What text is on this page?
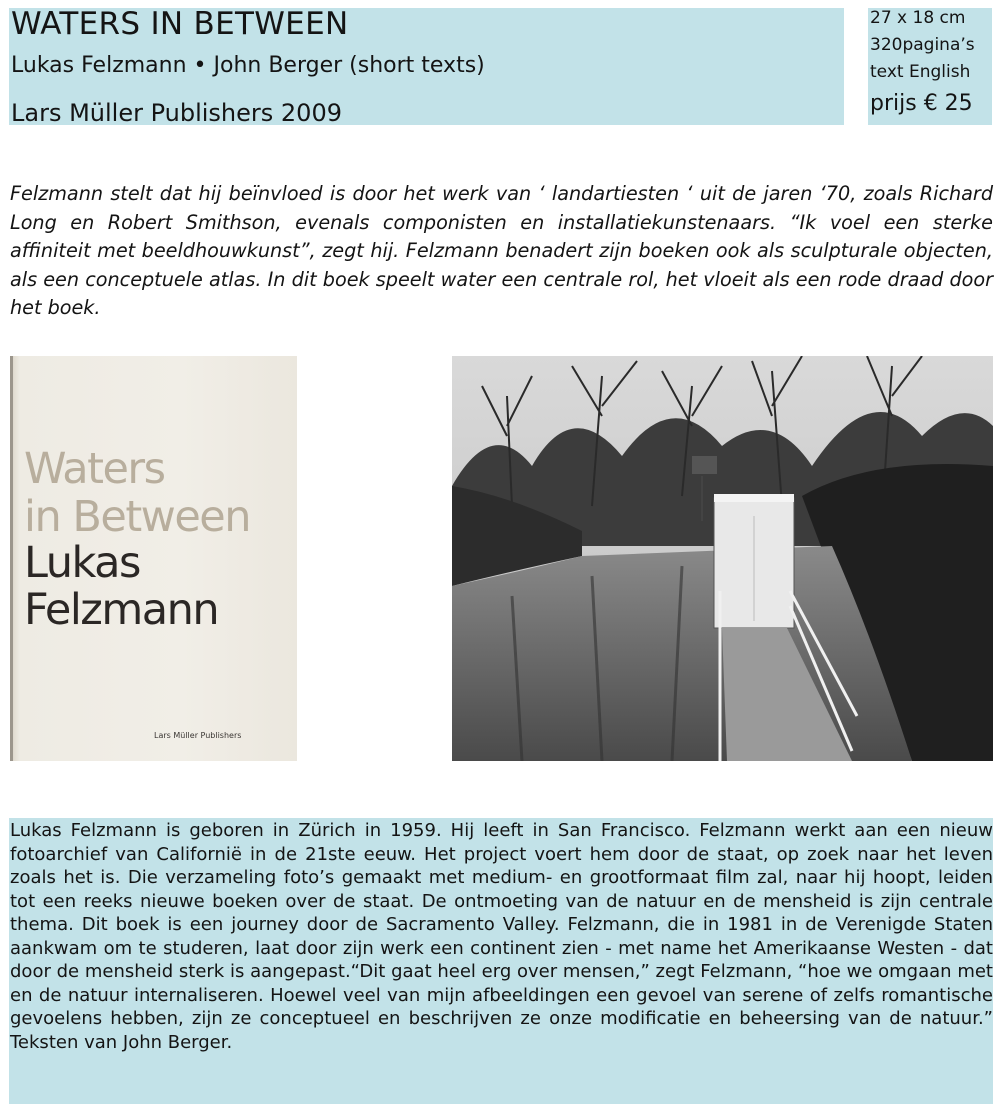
WATERS IN BETWEEN
Lukas Felzmann • John Berger (short texts)
Lars Müller Publishers 2009
27 x 18 cm
320pagina’s
text English
prijs € 25

Felzmann stelt dat hij beïnvloed is door het werk van ‘ landartiesten ‘ uit de jaren ‘70, zoals Richard Long en Robert Smithson, evenals componisten en installatiekunstenaars. “Ik voel een sterke affiniteit met beeldhouwkunst”, zegt hij. Felzmann benadert zijn boeken ook als sculpturale objecten, als een conceptuele atlas. In dit boek speelt water een centrale rol, het vloeit als een rode draad door het boek.

Waters
in Between
Lukas
Felzmann
Lars Müller Publishers

Lukas Felzmann is geboren in Zürich in 1959. Hij leeft in San Francisco. Felzmann werkt aan een nieuw fotoarchief van Californië in de 21ste eeuw. Het project voert hem door de staat, op zoek naar het leven zoals het is. Die verzameling foto’s gemaakt met medium- en grootformaat film zal, naar hij hoopt, leiden tot een reeks nieuwe boeken over de staat. De ontmoeting van de natuur en de mensheid is zijn centrale thema. Dit boek is een journey door de Sacramento Valley. Felzmann, die in 1981 in de Verenigde Staten aankwam om te studeren, laat door zijn werk een continent zien - met name het Amerikaanse Westen - dat door de mensheid sterk is aangepast.“Dit gaat heel erg over mensen,” zegt Felzmann, “hoe we omgaan met en de natuur internaliseren. Hoewel veel van mijn afbeeldingen een gevoel van serene of zelfs romantische gevoelens hebben, zijn ze conceptueel en beschrijven ze onze modificatie en beheersing van de natuur.” Teksten van John Berger.
